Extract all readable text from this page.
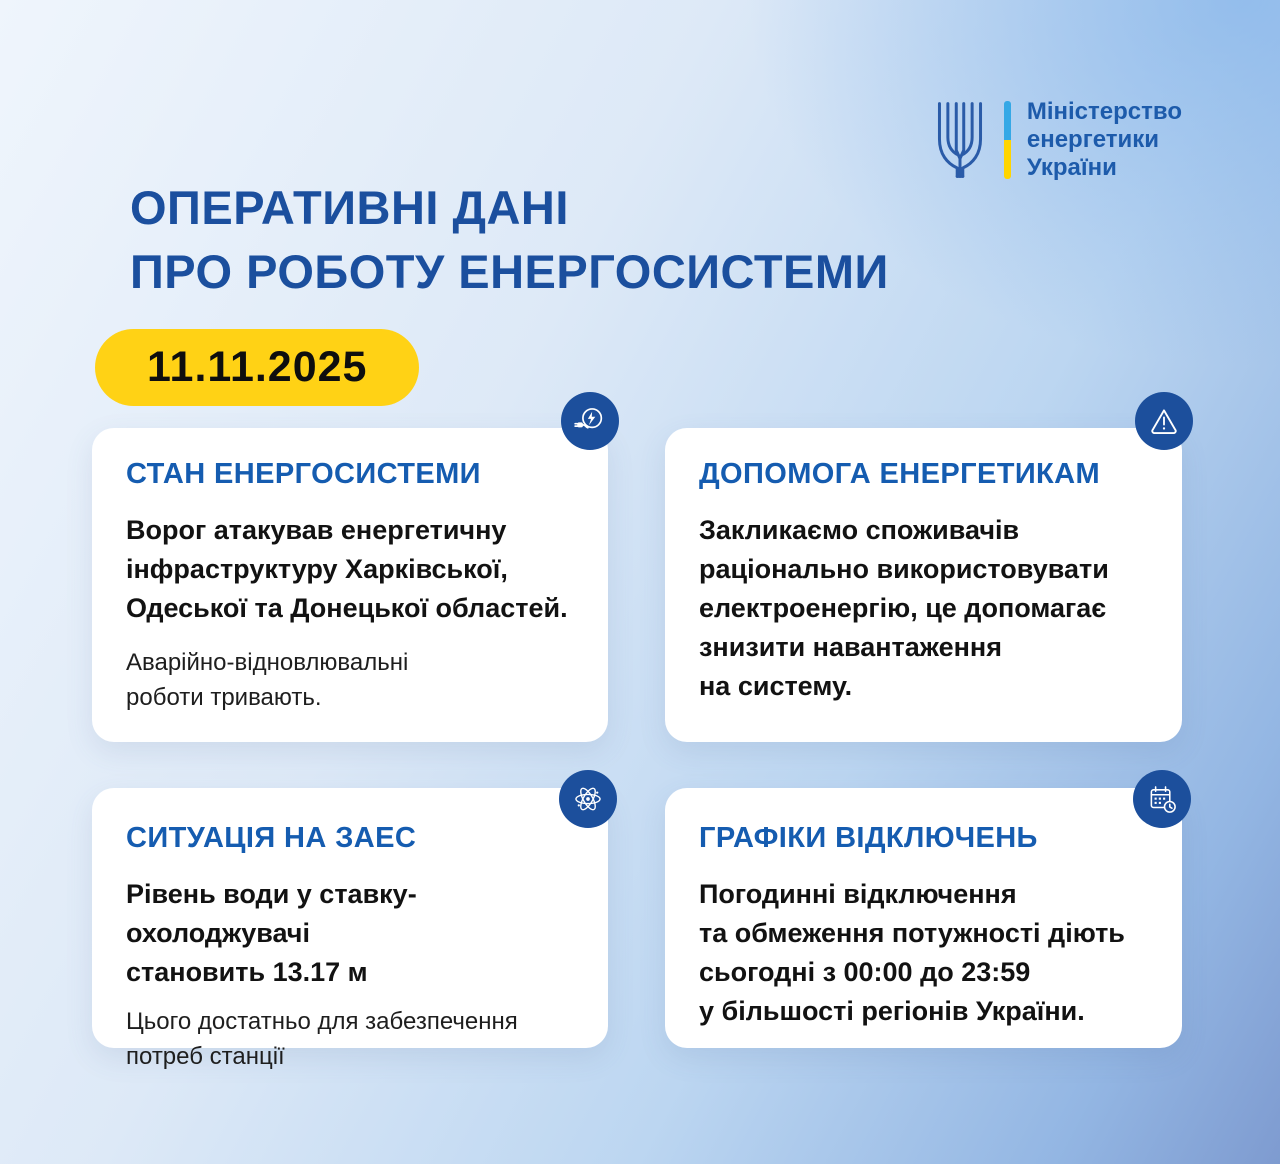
Міністерство
енергетики
України
ОПЕРАТИВНІ ДАНІ
ПРО РОБОТУ ЕНЕРГОСИСТЕМИ
11.11.2025
СТАН ЕНЕРГОСИСТЕМИ
Ворог атакував енергетичну
інфраструктуру Харківської,
Одеської та Донецької областей.
Аварійно-відновлювальні
роботи тривають.
ДОПОМОГА ЕНЕРГЕТИКАМ
Закликаємо споживачів
раціонально використовувати
електроенергію, це допомагає
знизити навантаження
на систему.
СИТУАЦІЯ НА ЗАЕС
Рівень води у ставку-охолоджувачі
становить 13.17 м
Цього достатньо для забезпечення
потреб станції
ГРАФІКИ ВІДКЛЮЧЕНЬ
Погодинні відключення
та обмеження потужності діють
сьогодні з 00:00 до 23:59
у більшості регіонів України.
